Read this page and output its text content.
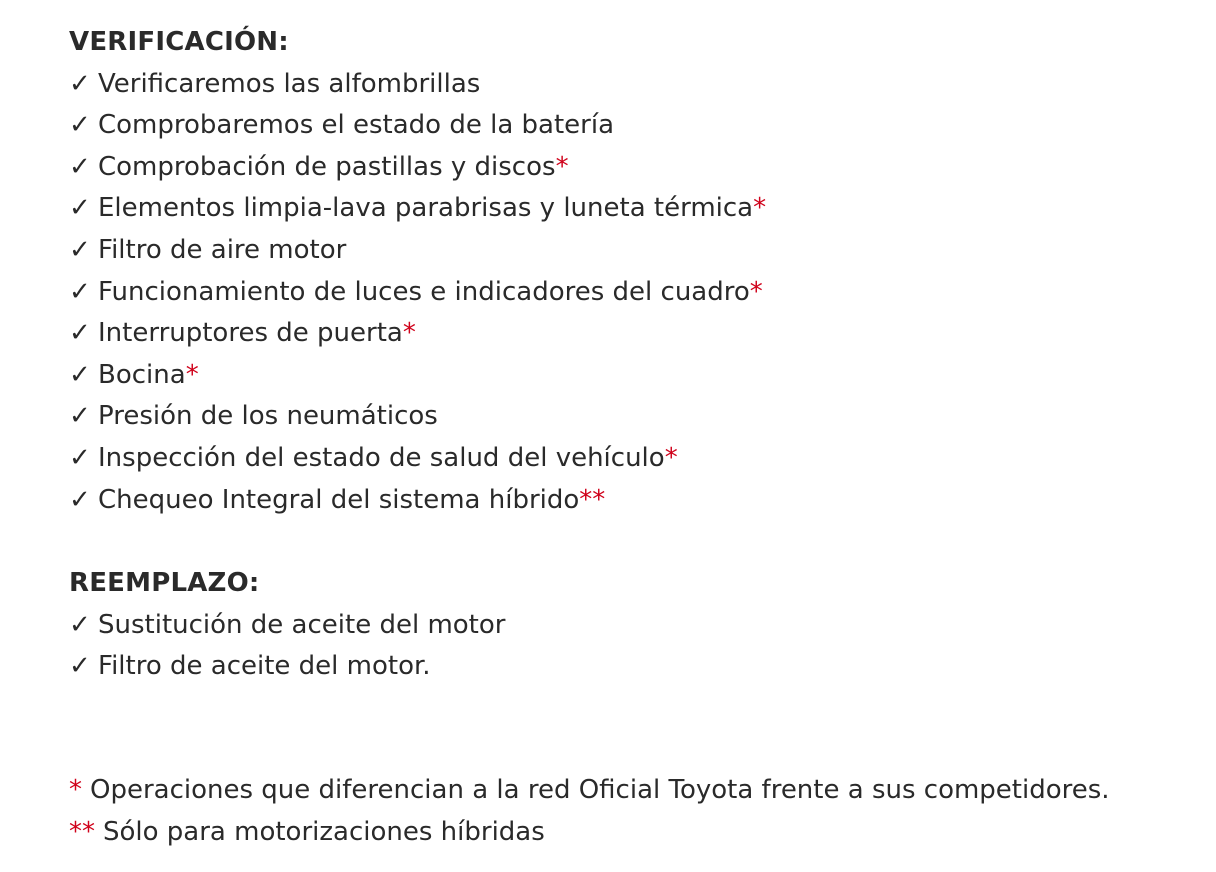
VERIFICACIÓN:
✓ Verificaremos las alfombrillas
✓ Comprobaremos el estado de la batería
✓ Comprobación de pastillas y discos*
✓ Elementos limpia-lava parabrisas y luneta térmica*
✓ Filtro de aire motor
✓ Funcionamiento de luces e indicadores del cuadro*
✓ Interruptores de puerta*
✓ Bocina*
✓ Presión de los neumáticos
✓ Inspección del estado de salud del vehículo*
✓ Chequeo Integral del sistema híbrido**
REEMPLAZO:
✓ Sustitución de aceite del motor
✓ Filtro de aceite del motor.
* Operaciones que diferencian a la red Oficial Toyota frente a sus competidores.
** Sólo para motorizaciones híbridas
